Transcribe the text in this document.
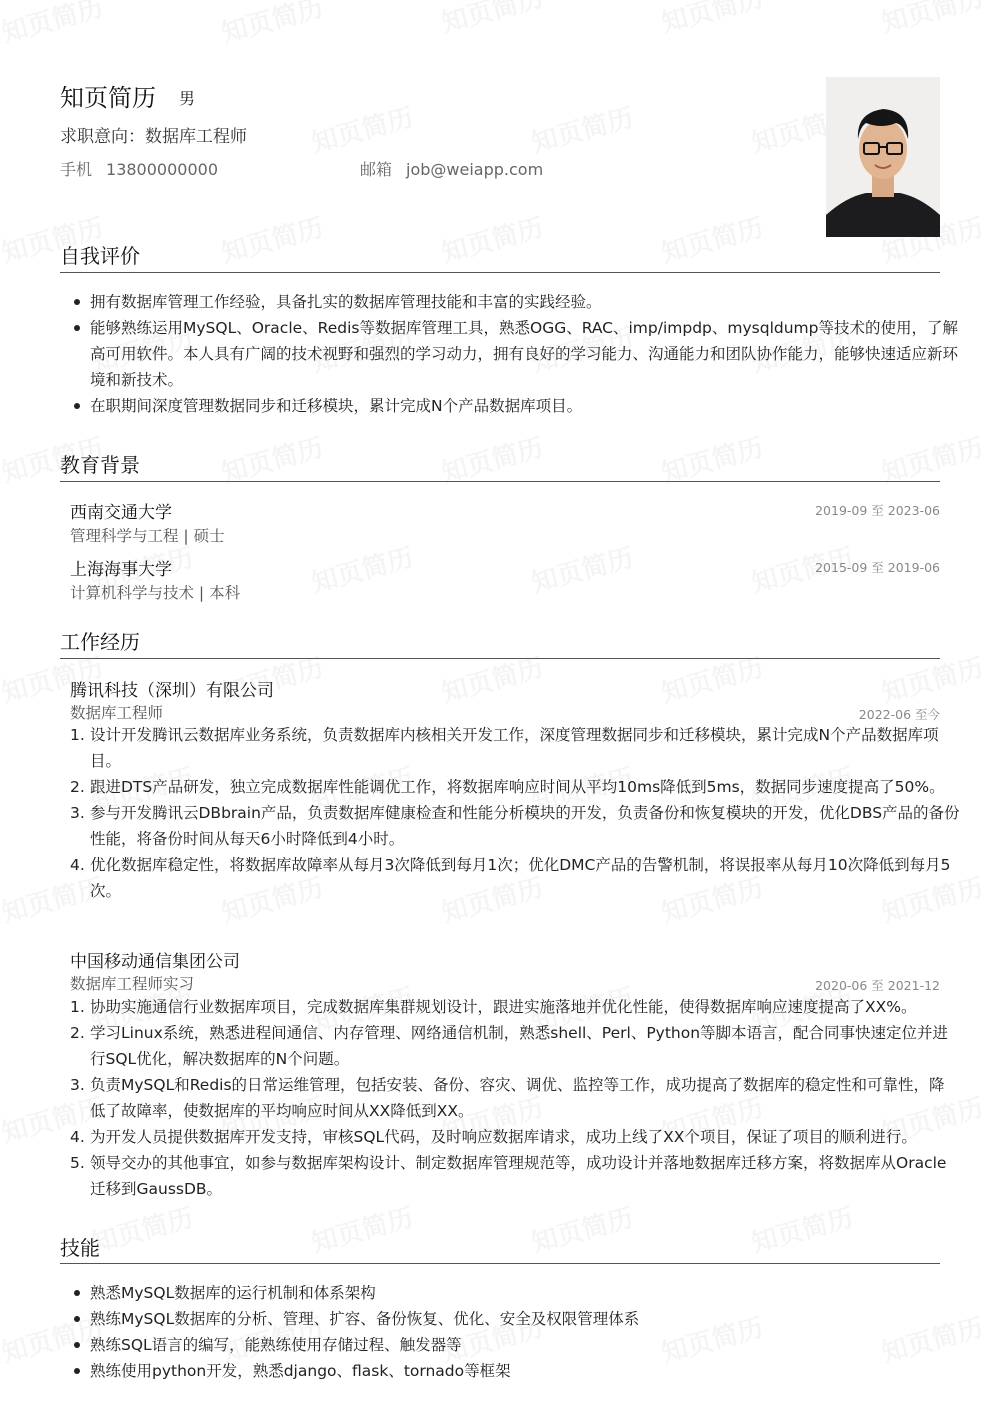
知页简历 男
求职意向：数据库工程师
手机 13800000000	邮箱 job@weiapp.com
自我评价
拥有数据库管理工作经验，具备扎实的数据库管理技能和丰富的实践经验。
能够熟练运用MySQL、Oracle、Redis等数据库管理工具，熟悉OGG、RAC、imp/impdp、mysqldump等技术的使用，了解高可用软件。本人具有广阔的技术视野和强烈的学习动力，拥有良好的学习能力、沟通能力和团队协作能力，能够快速适应新环境和新技术。
在职期间深度管理数据同步和迁移模块，累计完成N个产品数据库项目。
教育背景
西南交通大学	2019-09 至 2023-06
管理科学与工程 | 硕士
上海海事大学	2015-09 至 2019-06
计算机科学与技术 | 本科
工作经历
腾讯科技（深圳）有限公司
数据库工程师	2022-06 至今
1. 设计开发腾讯云数据库业务系统，负责数据库内核相关开发工作，深度管理数据同步和迁移模块，累计完成N个产品数据库项目。
2. 跟进DTS产品研发，独立完成数据库性能调优工作，将数据库响应时间从平均10ms降低到5ms，数据同步速度提高了50%。
3. 参与开发腾讯云DBbrain产品，负责数据库健康检查和性能分析模块的开发，负责备份和恢复模块的开发，优化DBS产品的备份性能，将备份时间从每天6小时降低到4小时。
4. 优化数据库稳定性，将数据库故障率从每月3次降低到每月1次；优化DMC产品的告警机制，将误报率从每月10次降低到每月5次。
中国移动通信集团公司
数据库工程师实习	2020-06 至 2021-12
1. 协助实施通信行业数据库项目，完成数据库集群规划设计，跟进实施落地并优化性能，使得数据库响应速度提高了XX%。
2. 学习Linux系统，熟悉进程间通信、内存管理、网络通信机制，熟悉shell、Perl、Python等脚本语言，配合同事快速定位并进行SQL优化，解决数据库的N个问题。
3. 负责MySQL和Redis的日常运维管理，包括安装、备份、容灾、调优、监控等工作，成功提高了数据库的稳定性和可靠性，降低了故障率，使数据库的平均响应时间从XX降低到XX。
4. 为开发人员提供数据库开发支持，审核SQL代码，及时响应数据库请求，成功上线了XX个项目，保证了项目的顺利进行。
5. 领导交办的其他事宜，如参与数据库架构设计、制定数据库管理规范等，成功设计并落地数据库迁移方案，将数据库从Oracle迁移到GaussDB。
技能
熟悉MySQL数据库的运行机制和体系架构
熟练MySQL数据库的分析、管理、扩容、备份恢复、优化、安全及权限管理体系
熟练SQL语言的编写，能熟练使用存储过程、触发器等
熟练使用python开发，熟悉django、flask、tornado等框架
